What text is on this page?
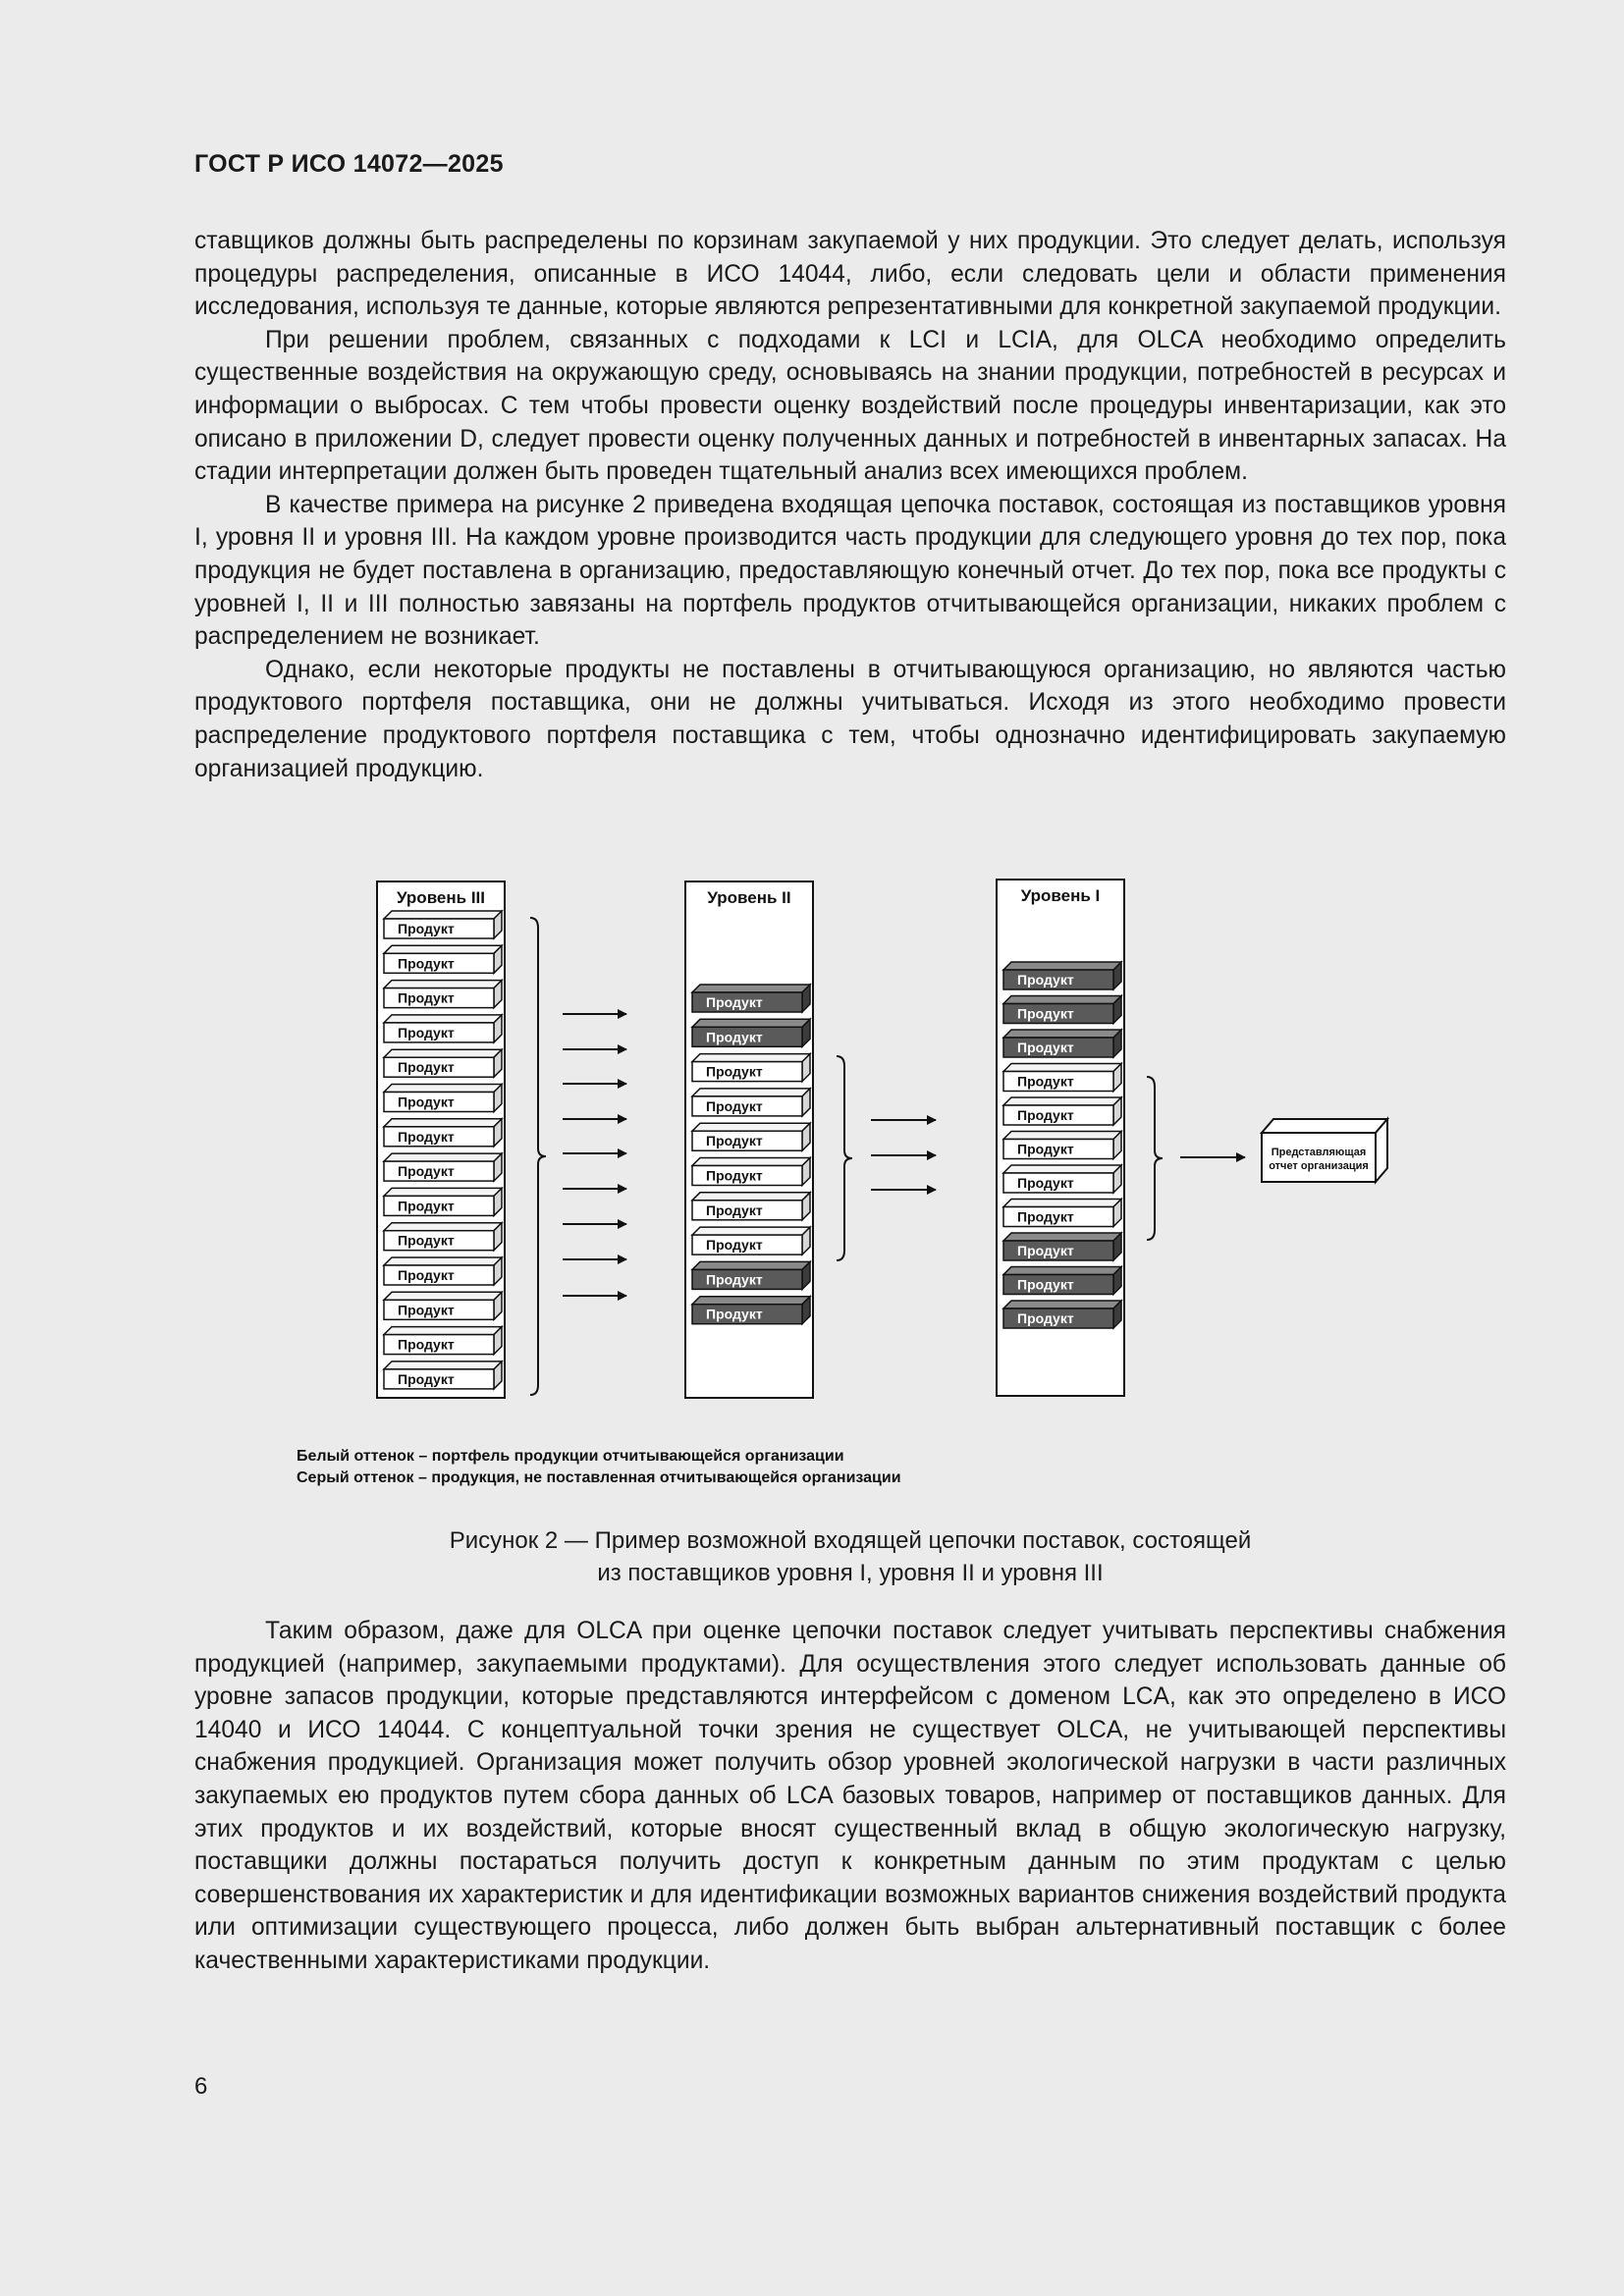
ГОСТ Р ИСО 14072—2025

ставщиков должны быть распределены по корзинам закупаемой у них продукции. Это следует делать, используя процедуры распределения, описанные в ИСО 14044, либо, если следовать цели и области применения исследования, используя те данные, которые являются репрезентативными для конкретной закупаемой продукции.

При решении проблем, связанных с подходами к LCI и LCIA, для OLCA необходимо определить существенные воздействия на окружающую среду, основываясь на знании продукции, потребностей в ресурсах и информации о выбросах. С тем чтобы провести оценку воздействий после процедуры инвентаризации, как это описано в приложении D, следует провести оценку полученных данных и потребностей в инвентарных запасах. На стадии интерпретации должен быть проведен тщательный анализ всех имеющихся проблем.

В качестве примера на рисунке 2 приведена входящая цепочка поставок, состоящая из поставщиков уровня I, уровня II и уровня III. На каждом уровне производится часть продукции для следующего уровня до тех пор, пока продукция не будет поставлена в организацию, предоставляющую конечный отчет. До тех пор, пока все продукты с уровней I, II и III полностью завязаны на портфель продуктов отчитывающейся организации, никаких проблем с распределением не возникает.

Однако, если некоторые продукты не поставлены в отчитывающуюся организацию, но являются частью продуктового портфеля поставщика, они не должны учитываться. Исходя из этого необходимо провести распределение продуктового портфеля поставщика с тем, чтобы однозначно идентифицировать закупаемую организацией продукцию.

Уровень III	Уровень II	Уровень I
Продукт
Продукт
Продукт
Продукт
Продукт
Продукт
Продукт
Продукт
Продукт
Продукт
Продукт
Продукт
Продукт
Продукт
Продукт
Продукт
Продукт
Продукт
Продукт
Продукт
Продукт
Продукт
Продукт
Продукт
Продукт
Продукт
Продукт
Продукт
Продукт
Продукт
Продукт
Продукт
Продукт
Продукт
Продукт
Представляющая
отчет организация
Белый оттенок – портфель продукции отчитывающейся организации
Серый оттенок – продукция, не поставленная отчитывающейся организации
Рисунок 2 — Пример возможной входящей цепочки поставок, состоящей
из поставщиков уровня I, уровня II и уровня III

Таким образом, даже для OLCA при оценке цепочки поставок следует учитывать перспективы снабжения продукцией (например, закупаемыми продуктами). Для осуществления этого следует использовать данные об уровне запасов продукции, которые представляются интерфейсом с доменом LCA, как это определено в ИСО 14040 и ИСО 14044. С концептуальной точки зрения не существует OLCA, не учитывающей перспективы снабжения продукцией. Организация может получить обзор уровней экологической нагрузки в части различных закупаемых ею продуктов путем сбора данных об LCA базовых товаров, например от поставщиков данных. Для этих продуктов и их воздействий, которые вносят существенный вклад в общую экологическую нагрузку, поставщики должны постараться получить доступ к конкретным данным по этим продуктам с целью совершенствования их характеристик и для идентификации возможных вариантов снижения воздействий продукта или оптимизации существующего процесса, либо должен быть выбран альтернативный поставщик с более качественными характеристиками продукции.

6
